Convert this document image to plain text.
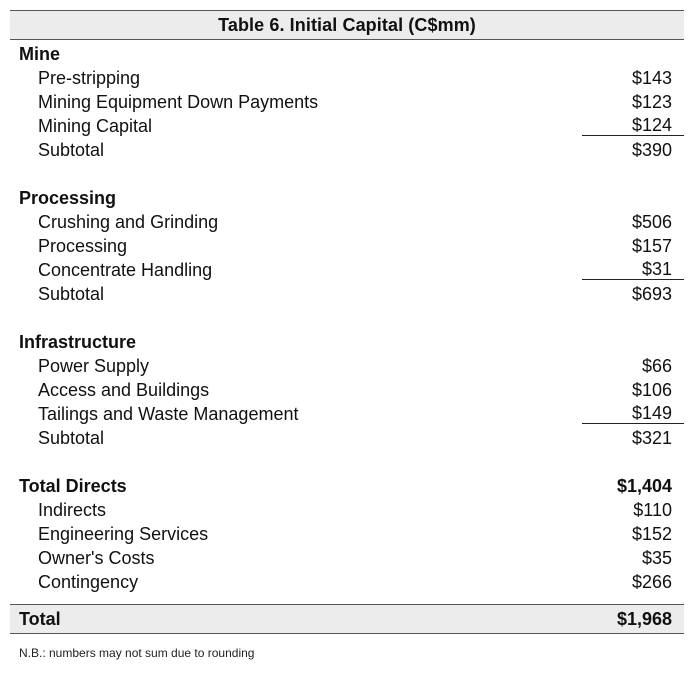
Table 6. Initial Capital (C$mm)
Mine
Pre-stripping	$143
Mining Equipment Down Payments	$123
Mining Capital	$124
Subtotal	$390
Processing
Crushing and Grinding	$506
Processing	$157
Concentrate Handling	$31
Subtotal	$693
Infrastructure
Power Supply	$66
Access and Buildings	$106
Tailings and Waste Management	$149
Subtotal	$321
Total Directs	$1,404
Indirects	$110
Engineering Services	$152
Owner's Costs	$35
Contingency	$266
Total	$1,968
N.B.: numbers may not sum due to rounding
